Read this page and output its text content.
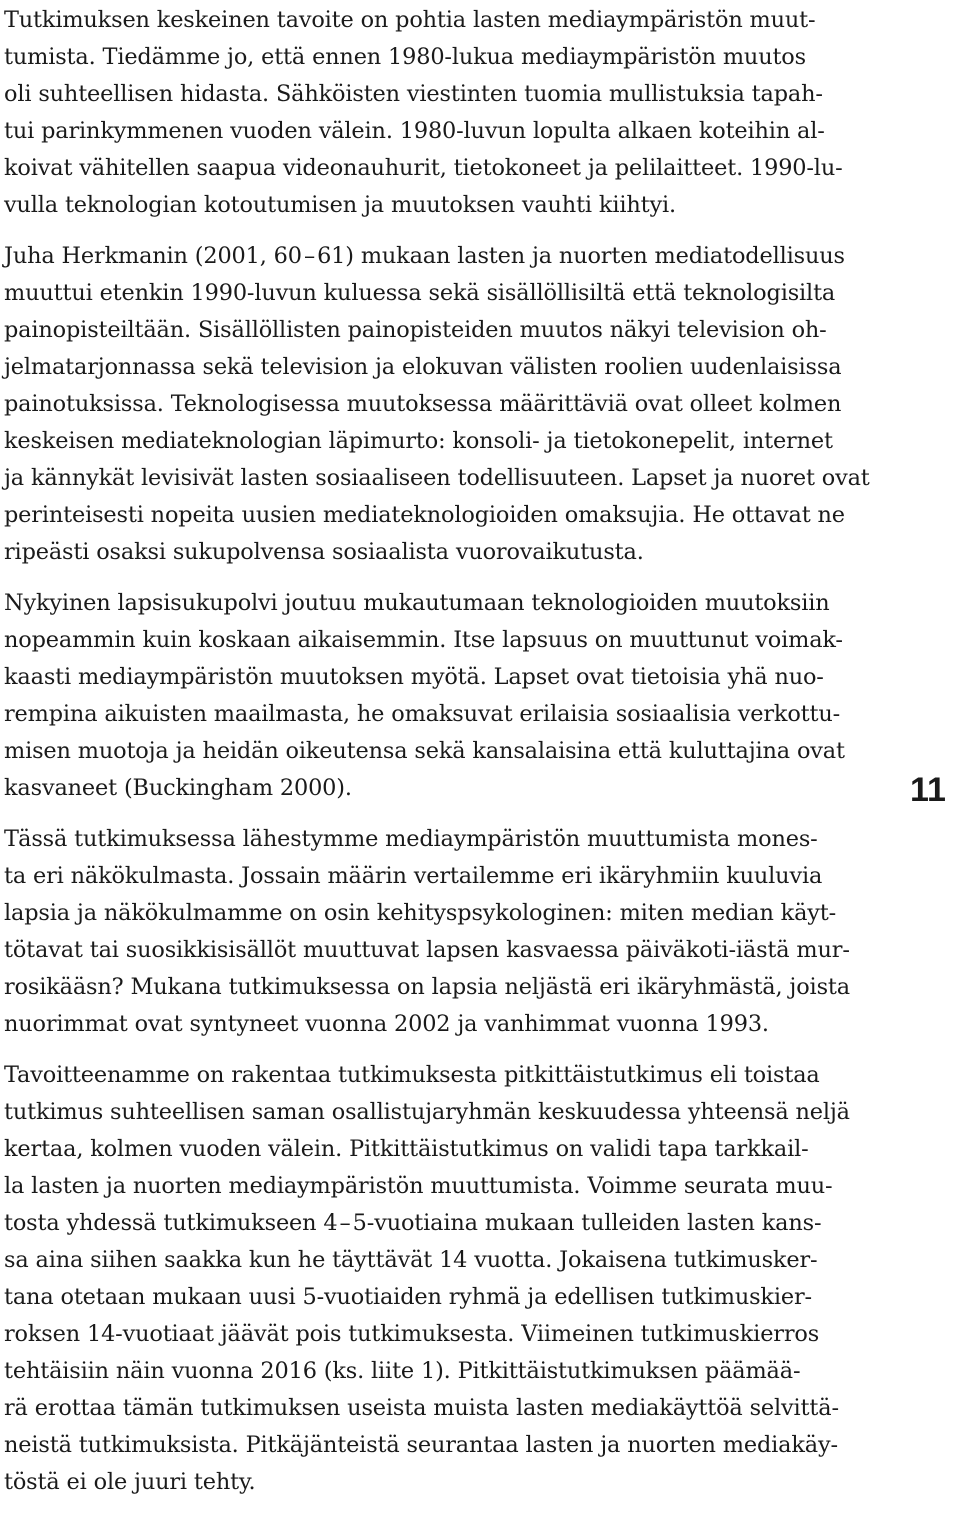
Tutkimuksen keskeinen tavoite on pohtia lasten mediaympäristön muut-
tumista. Tiedämme jo, että ennen 1980-lukua mediaympäristön muutos
oli suhteellisen hidasta. Sähköisten viestinten tuomia mullistuksia tapah-
tui parinkymmenen vuoden välein. 1980-luvun lopulta alkaen koteihin al-
koivat vähitellen saapua videonauhurit, tietokoneet ja pelilaitteet. 1990-lu-
vulla teknologian kotoutumisen ja muutoksen vauhti kiihtyi.
Juha Herkmanin (2001, 60 – 61) mukaan lasten ja nuorten mediatodellisuus
muuttui etenkin 1990-luvun kuluessa sekä sisällöllisiltä että teknologisilta
painopisteiltään. Sisällöllisten painopisteiden muutos näkyi television oh-
jelmatarjonnassa sekä television ja elokuvan välisten roolien uudenlaisissa
painotuksissa. Teknologisessa muutoksessa määrittäviä ovat olleet kolmen
keskeisen mediateknologian läpimurto: konsoli- ja tietokonepelit, internet
ja kännykät levisivät lasten sosiaaliseen todellisuuteen. Lapset ja nuoret ovat
perinteisesti nopeita uusien mediateknologioiden omaksujia. He ottavat ne
ripeästi osaksi sukupolvensa sosiaalista vuorovaikutusta.
Nykyinen lapsisukupolvi joutuu mukautumaan teknologioiden muutoksiin
nopeammin kuin koskaan aikaisemmin. Itse lapsuus on muuttunut voimak-
kaasti mediaympäristön muutoksen myötä. Lapset ovat tietoisia yhä nuo-
rempina aikuisten maailmasta, he omaksuvat erilaisia sosiaalisia verkottu-
misen muotoja ja heidän oikeutensa sekä kansalaisina että kuluttajina ovat
kasvaneet (Buckingham 2000).
Tässä tutkimuksessa lähestymme mediaympäristön muuttumista mones-
ta eri näkökulmasta. Jossain määrin vertailemme eri ikäryhmiin kuuluvia
lapsia ja näkökulmamme on osin kehityspsykologinen: miten median käyt-
tötavat tai suosikkisisällöt muuttuvat lapsen kasvaessa päiväkoti-iästä mur-
rosikääsn? Mukana tutkimuksessa on lapsia neljästä eri ikäryhmästä, joista
nuorimmat ovat syntyneet vuonna 2002 ja vanhimmat vuonna 1993.
Tavoitteenamme on rakentaa tutkimuksesta pitkittäistutkimus eli toistaa
tutkimus suhteellisen saman osallistujaryhmän keskuudessa yhteensä neljä
kertaa, kolmen vuoden välein. Pitkittäistutkimus on validi tapa tarkkail-
la lasten ja nuorten mediaympäristön muuttumista. Voimme seurata muu-
tosta yhdessä tutkimukseen 4 – 5-vuotiaina mukaan tulleiden lasten kans-
sa aina siihen saakka kun he täyttävät 14 vuotta. Jokaisena tutkimusker-
tana otetaan mukaan uusi 5-vuotiaiden ryhmä ja edellisen tutkimuskier-
roksen 14-vuotiaat jäävät pois tutkimuksesta. Viimeinen tutkimuskierros
tehtäisiin näin vuonna 2016 (ks. liite 1). Pitkittäistutkimuksen päämää-
rä erottaa tämän tutkimuksen useista muista lasten mediakäyttöä selvittä-
neistä tutkimuksista. Pitkäjänteistä seurantaa lasten ja nuorten mediakäy-
töstä ei ole juuri tehty.
11
